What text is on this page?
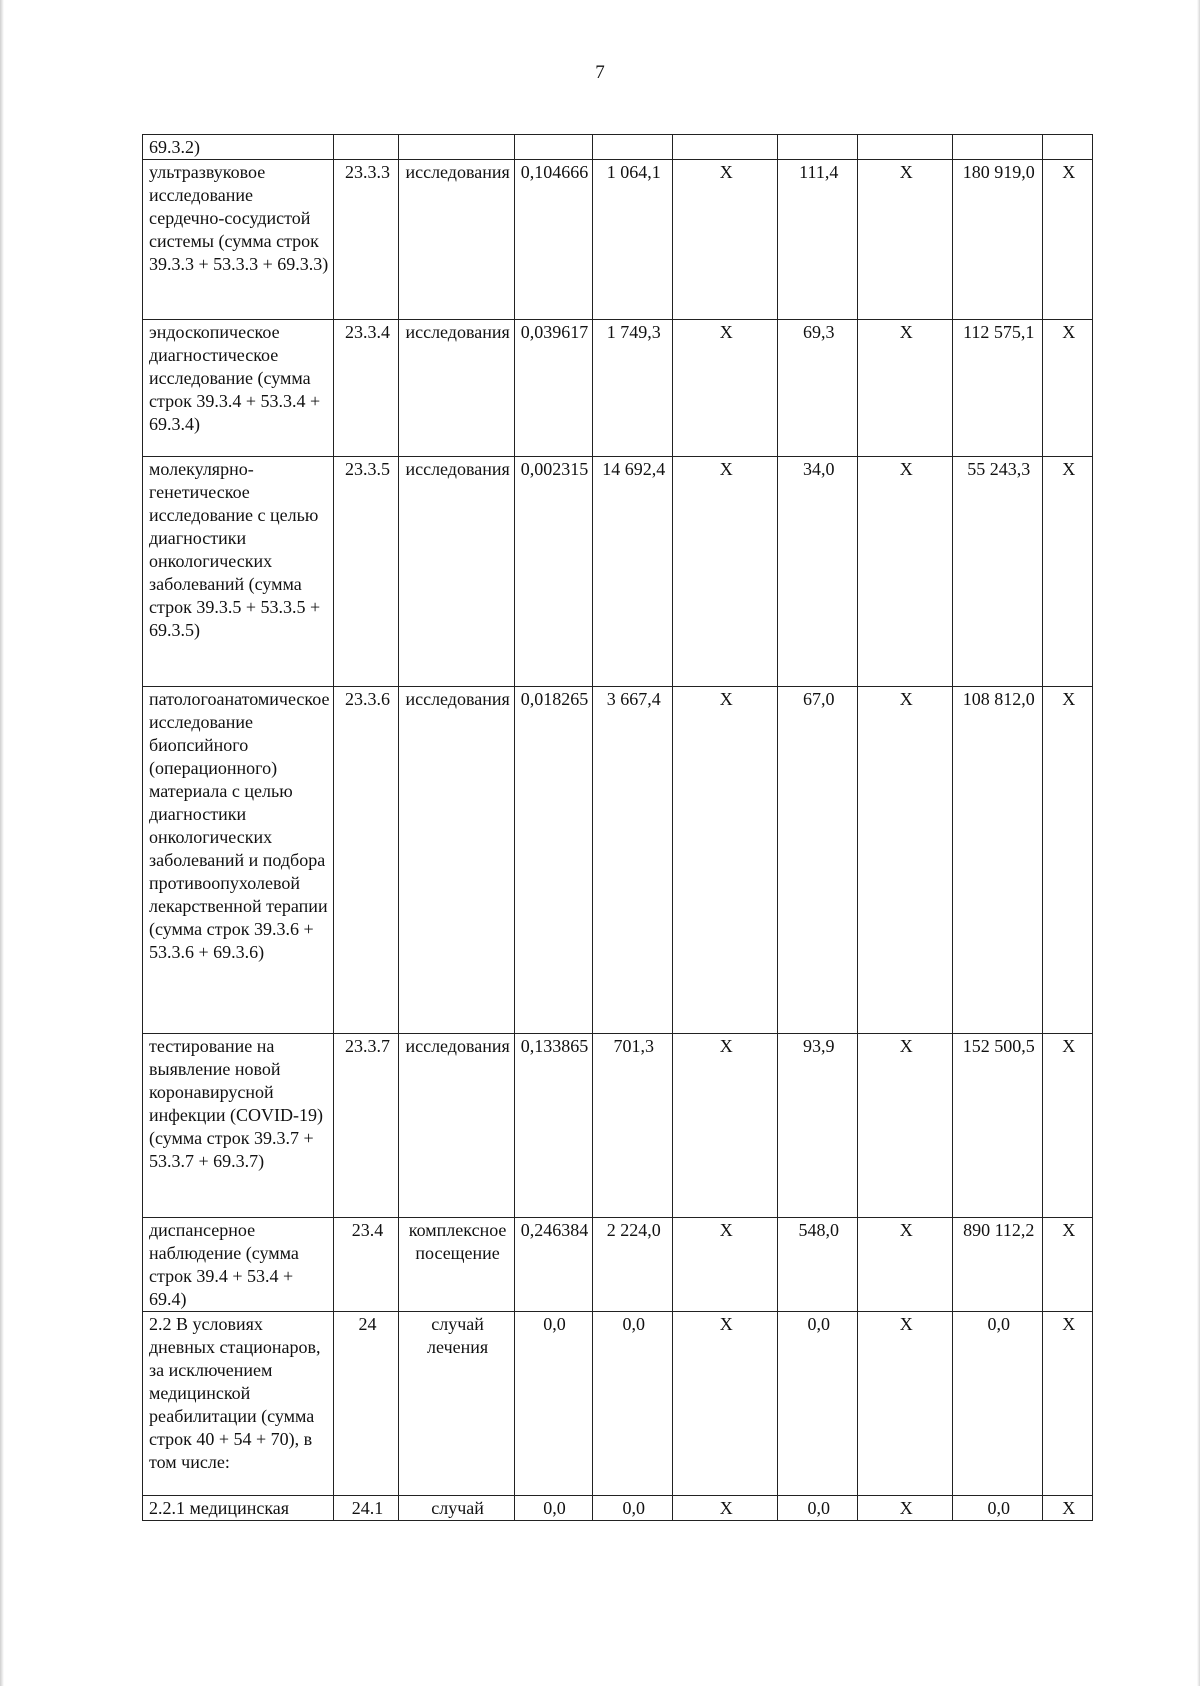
7
69.3.2)									
ультразвуковое исследование сердечно-сосудистой системы (сумма строк 39.3.3 + 53.3.3 + 69.3.3)	23.3.3	исследования	0,104666	1 064,1	X	111,4	X	180 919,0	X
эндоскопическое диагностическое исследование (сумма строк 39.3.4 + 53.3.4 + 69.3.4)	23.3.4	исследования	0,039617	1 749,3	X	69,3	X	112 575,1	X
молекулярно-генетическое исследование с целью диагностики онкологических заболеваний (сумма строк 39.3.5 + 53.3.5 + 69.3.5)	23.3.5	исследования	0,002315	14 692,4	X	34,0	X	55 243,3	X
патологоанатомическое исследование биопсийного (операционного) материала с целью диагностики онкологических заболеваний и подбора противоопухолевой лекарственной терапии (сумма строк 39.3.6 + 53.3.6 + 69.3.6)	23.3.6	исследования	0,018265	3 667,4	X	67,0	X	108 812,0	X
тестирование на выявление новой коронавирусной инфекции (COVID-19) (сумма строк 39.3.7 + 53.3.7 + 69.3.7)	23.3.7	исследования	0,133865	701,3	X	93,9	X	152 500,5	X
диспансерное наблюдение (сумма строк 39.4 + 53.4 + 69.4)	23.4	комплексное посещение	0,246384	2 224,0	X	548,0	X	890 112,2	X
2.2 В условиях дневных стационаров, за исключением медицинской реабилитации (сумма строк 40 + 54 + 70), в том числе:	24	случай лечения	0,0	0,0	X	0,0	X	0,0	X
2.2.1 медицинская	24.1	случай	0,0	0,0	X	0,0	X	0,0	X
